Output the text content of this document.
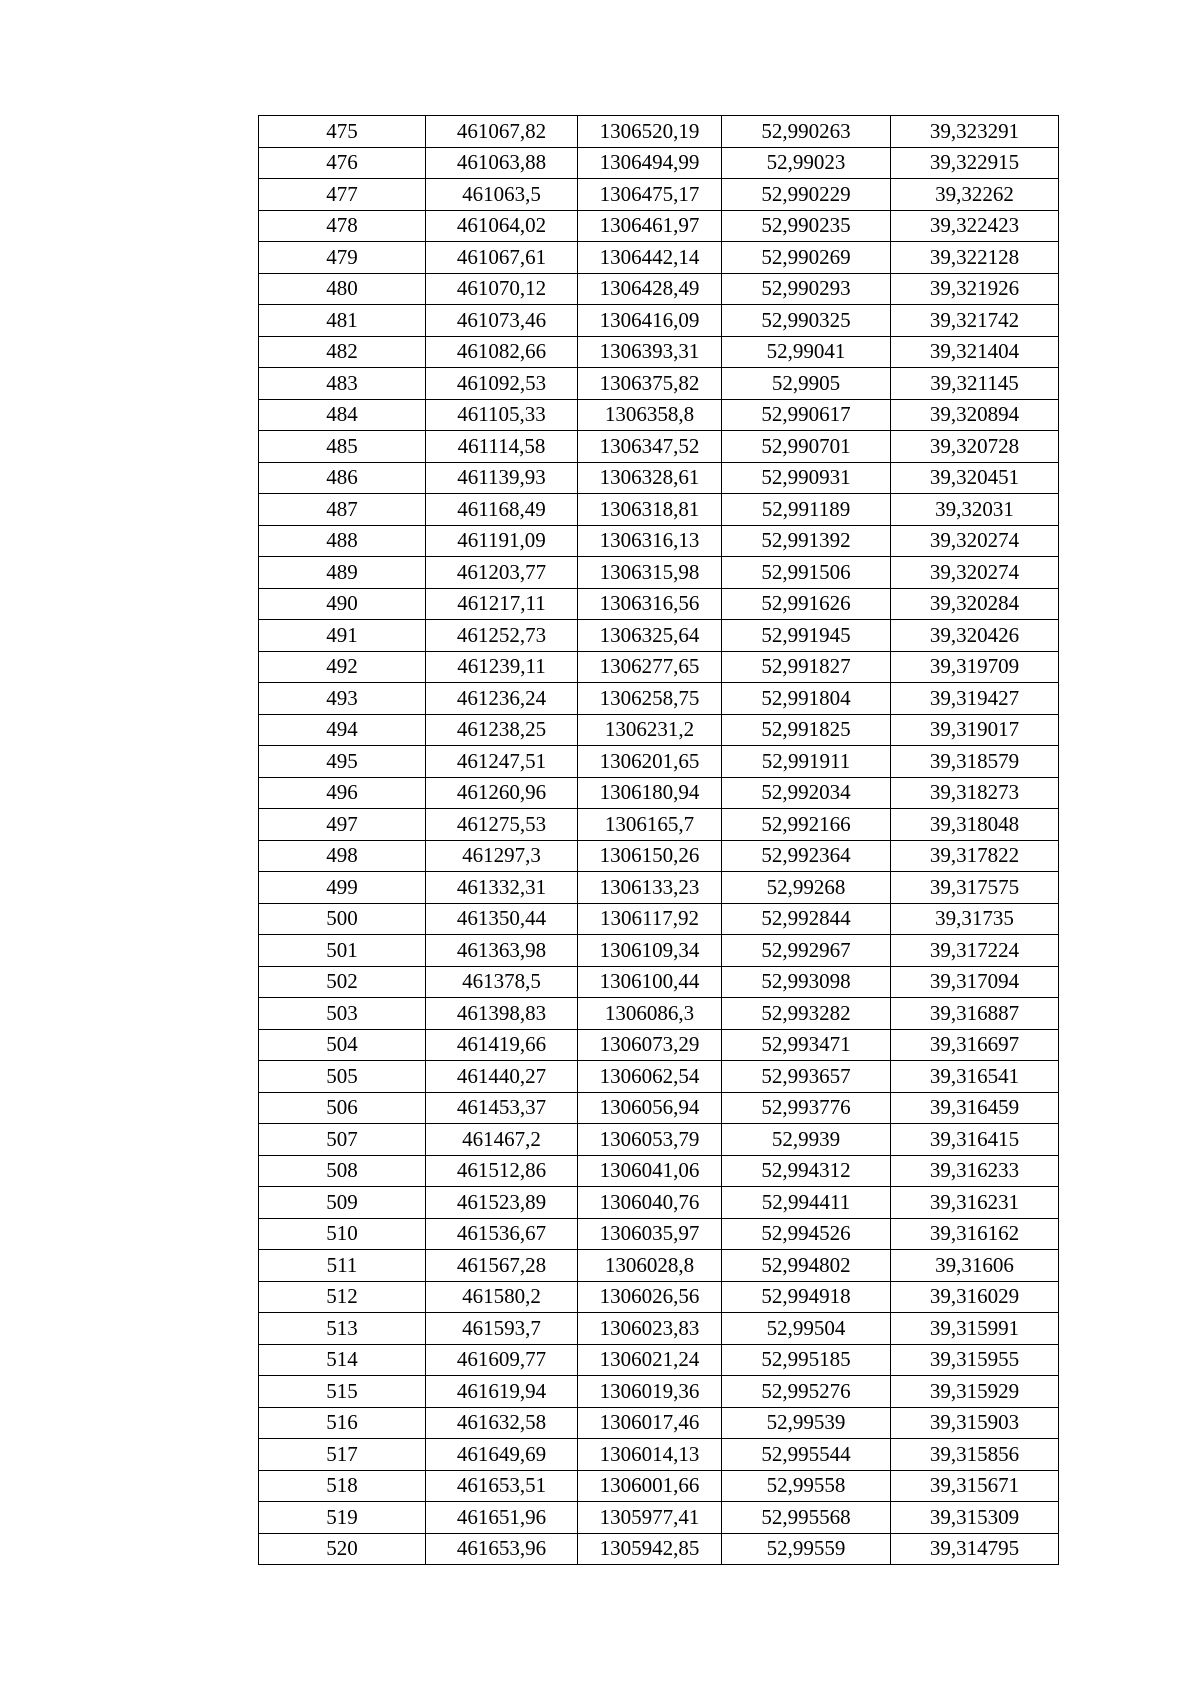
475	461067,82	1306520,19	52,990263	39,323291
476	461063,88	1306494,99	52,99023	39,322915
477	461063,5	1306475,17	52,990229	39,32262
478	461064,02	1306461,97	52,990235	39,322423
479	461067,61	1306442,14	52,990269	39,322128
480	461070,12	1306428,49	52,990293	39,321926
481	461073,46	1306416,09	52,990325	39,321742
482	461082,66	1306393,31	52,99041	39,321404
483	461092,53	1306375,82	52,9905	39,321145
484	461105,33	1306358,8	52,990617	39,320894
485	461114,58	1306347,52	52,990701	39,320728
486	461139,93	1306328,61	52,990931	39,320451
487	461168,49	1306318,81	52,991189	39,32031
488	461191,09	1306316,13	52,991392	39,320274
489	461203,77	1306315,98	52,991506	39,320274
490	461217,11	1306316,56	52,991626	39,320284
491	461252,73	1306325,64	52,991945	39,320426
492	461239,11	1306277,65	52,991827	39,319709
493	461236,24	1306258,75	52,991804	39,319427
494	461238,25	1306231,2	52,991825	39,319017
495	461247,51	1306201,65	52,991911	39,318579
496	461260,96	1306180,94	52,992034	39,318273
497	461275,53	1306165,7	52,992166	39,318048
498	461297,3	1306150,26	52,992364	39,317822
499	461332,31	1306133,23	52,99268	39,317575
500	461350,44	1306117,92	52,992844	39,31735
501	461363,98	1306109,34	52,992967	39,317224
502	461378,5	1306100,44	52,993098	39,317094
503	461398,83	1306086,3	52,993282	39,316887
504	461419,66	1306073,29	52,993471	39,316697
505	461440,27	1306062,54	52,993657	39,316541
506	461453,37	1306056,94	52,993776	39,316459
507	461467,2	1306053,79	52,9939	39,316415
508	461512,86	1306041,06	52,994312	39,316233
509	461523,89	1306040,76	52,994411	39,316231
510	461536,67	1306035,97	52,994526	39,316162
511	461567,28	1306028,8	52,994802	39,31606
512	461580,2	1306026,56	52,994918	39,316029
513	461593,7	1306023,83	52,99504	39,315991
514	461609,77	1306021,24	52,995185	39,315955
515	461619,94	1306019,36	52,995276	39,315929
516	461632,58	1306017,46	52,99539	39,315903
517	461649,69	1306014,13	52,995544	39,315856
518	461653,51	1306001,66	52,99558	39,315671
519	461651,96	1305977,41	52,995568	39,315309
520	461653,96	1305942,85	52,99559	39,314795
